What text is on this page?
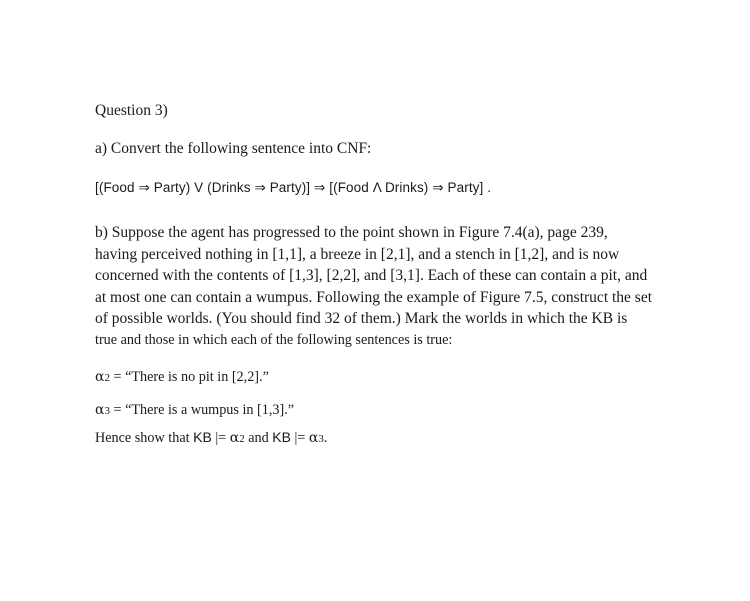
Question 3)
a) Convert the following sentence into CNF:
[(Food ⇒ Party) V (Drinks ⇒ Party)] ⇒ [(Food Λ Drinks) ⇒ Party] .
b) Suppose the agent has progressed to the point shown in Figure 7.4(a), page 239,
having perceived nothing in [1,1], a breeze in [2,1], and a stench in [1,2], and is now
concerned with the contents of [1,3], [2,2], and [3,1]. Each of these can contain a pit, and
at most one can contain a wumpus. Following the example of Figure 7.5, construct the set
of possible worlds. (You should find 32 of them.) Mark the worlds in which the KB is
true and those in which each of the following sentences is true:
α2 = “There is no pit in [2,2].”
α3 = “There is a wumpus in [1,3].”
Hence show that KB |= α2 and KB |= α3.
